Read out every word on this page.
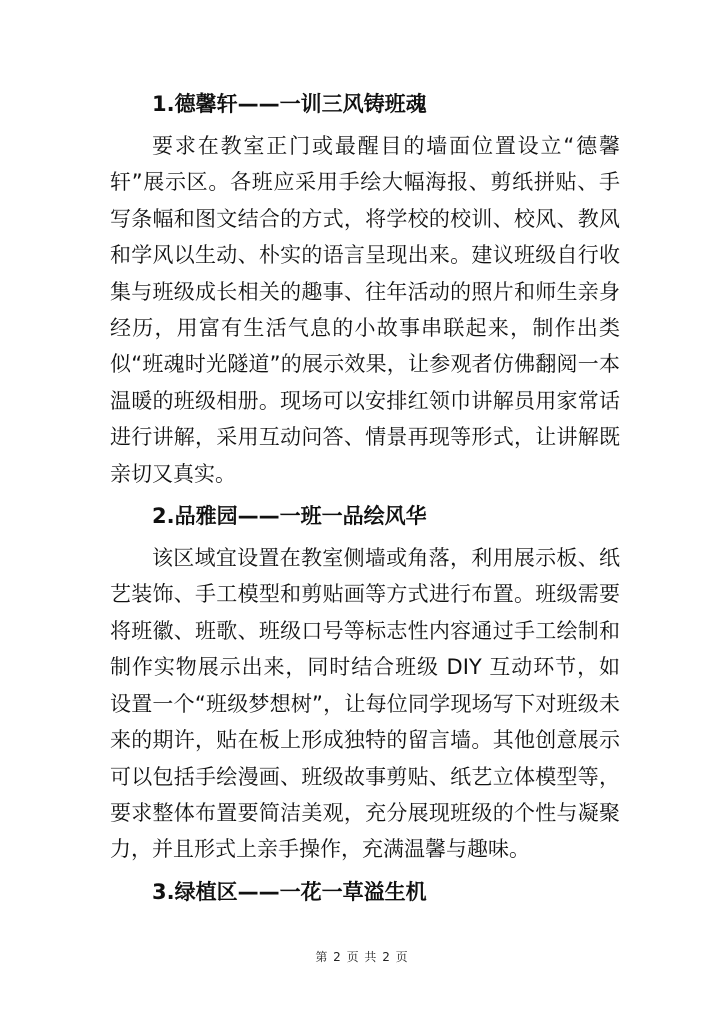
1.德馨轩——一训三风铸班魂

要求在教室正门或最醒目的墙面位置设立“德馨轩”展示区。各班应采用手绘大幅海报、剪纸拼贴、手写条幅和图文结合的方式，将学校的校训、校风、教风和学风以生动、朴实的语言呈现出来。建议班级自行收集与班级成长相关的趣事、往年活动的照片和师生亲身经历，用富有生活气息的小故事串联起来，制作出类似“班魂时光隧道”的展示效果，让参观者仿佛翻阅一本温暖的班级相册。现场可以安排红领巾讲解员用家常话进行讲解，采用互动问答、情景再现等形式，让讲解既亲切又真实。

2.品雅园——一班一品绘风华

该区域宜设置在教室侧墙或角落，利用展示板、纸艺装饰、手工模型和剪贴画等方式进行布置。班级需要将班徽、班歌、班级口号等标志性内容通过手工绘制和制作实物展示出来，同时结合班级 DIY 互动环节，如设置一个“班级梦想树”，让每位同学现场写下对班级未来的期许，贴在板上形成独特的留言墙。其他创意展示可以包括手绘漫画、班级故事剪贴、纸艺立体模型等，要求整体布置要简洁美观，充分展现班级的个性与凝聚力，并且形式上亲手操作，充满温馨与趣味。

3.绿植区——一花一草溢生机

第 2 页 共 2 页
